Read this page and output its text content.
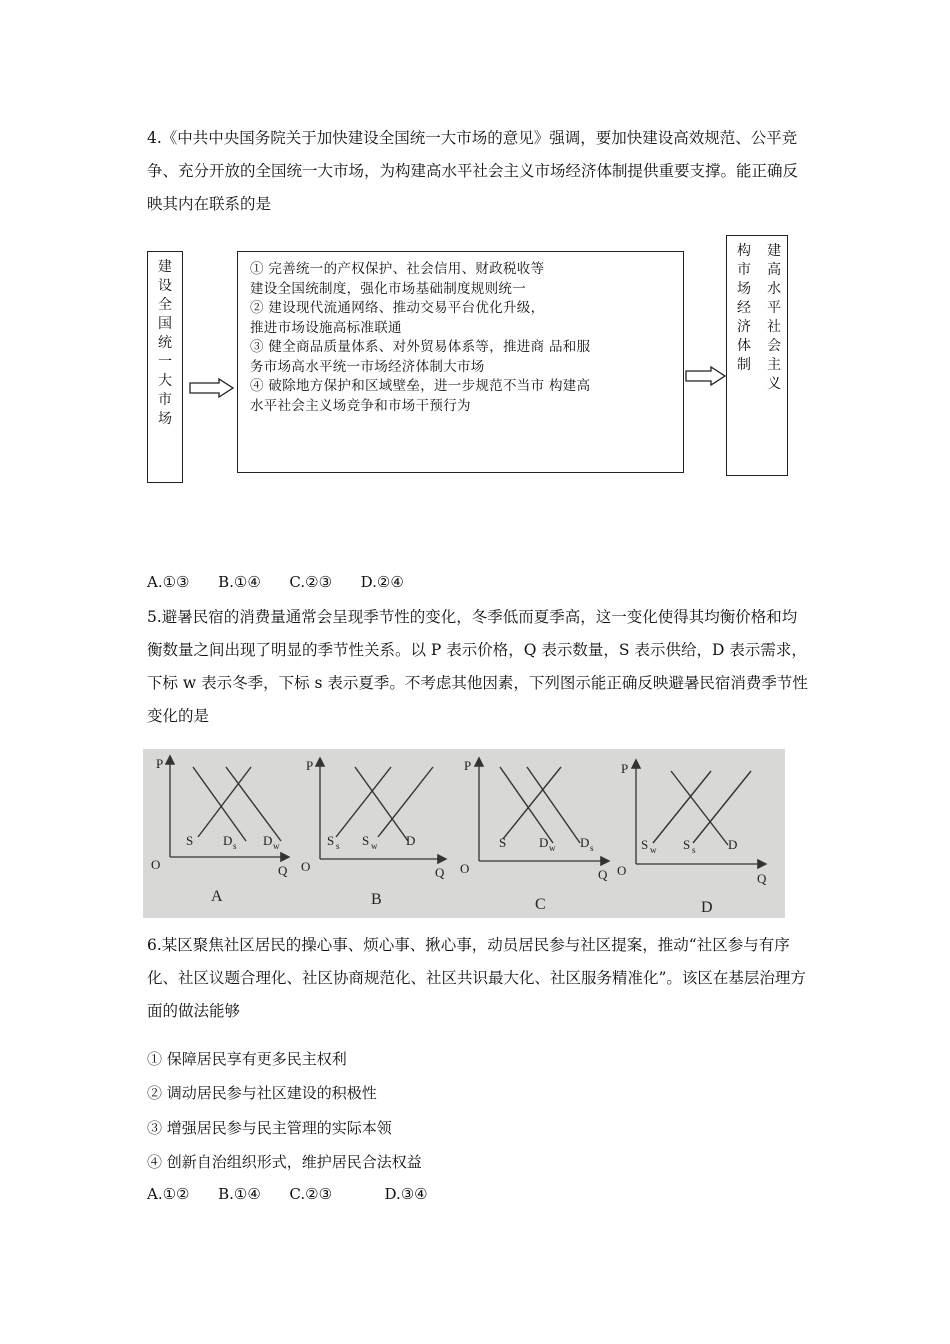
4.《中共中央国务院关于加快建设全国统一大市场的意见》强调，要加快建设高效规范、公平竞争、充分开放的全国统一大市场，为构建高水平社会主义市场经济体制提供重要支撑。能正确反映其内在联系的是

建设全国统一大市场
① 完善统一的产权保护、社会信用、财政税收等
建设全国统制度，强化市场基础制度规则统一
② 建设现代流通网络、推动交易平台优化升级，
推进市场设施高标准联通
③ 健全商品质量体系、对外贸易体系等，推进商 品和服
务市场高水平统一市场经济体制大市场
④ 破除地方保护和区域壁垒，进一步规范不当市 构建高
水平社会主义场竞争和市场干预行为
构市场经济体制 建高水平社会主义
A.①③ B.①④ C.②③ D.②④

5.避暑民宿的消费量通常会呈现季节性的变化，冬季低而夏季高，这一变化使得其均衡价格和均衡数量之间出现了明显的季节性关系。以 P 表示价格，Q 表示数量，S 表示供给，D 表示需求，下标 w 表示冬季，下标 s 表示夏季。不考虑其他因素，下列图示能正确反映避暑民宿消费季节性变化的是

P
O	Q
S D s D w
A
P
O	Q
S s S w D
B
P
O	Q
S	D w D s
C
P
O
Q
S w S s D
D

6.某区聚焦社区居民的操心事、烦心事、揪心事，动员居民参与社区提案，推动“社区参与有序化、社区议题合理化、社区协商规范化、社区共识最大化、社区服务精准化”。该区在基层治理方面的做法能够

① 保障居民享有更多民主权利
② 调动居民参与社区建设的积极性
③ 增强居民参与民主管理的实际本领
④ 创新自治组织形式，维护居民合法权益
A.①② B.①④ C.②③	D.③④
